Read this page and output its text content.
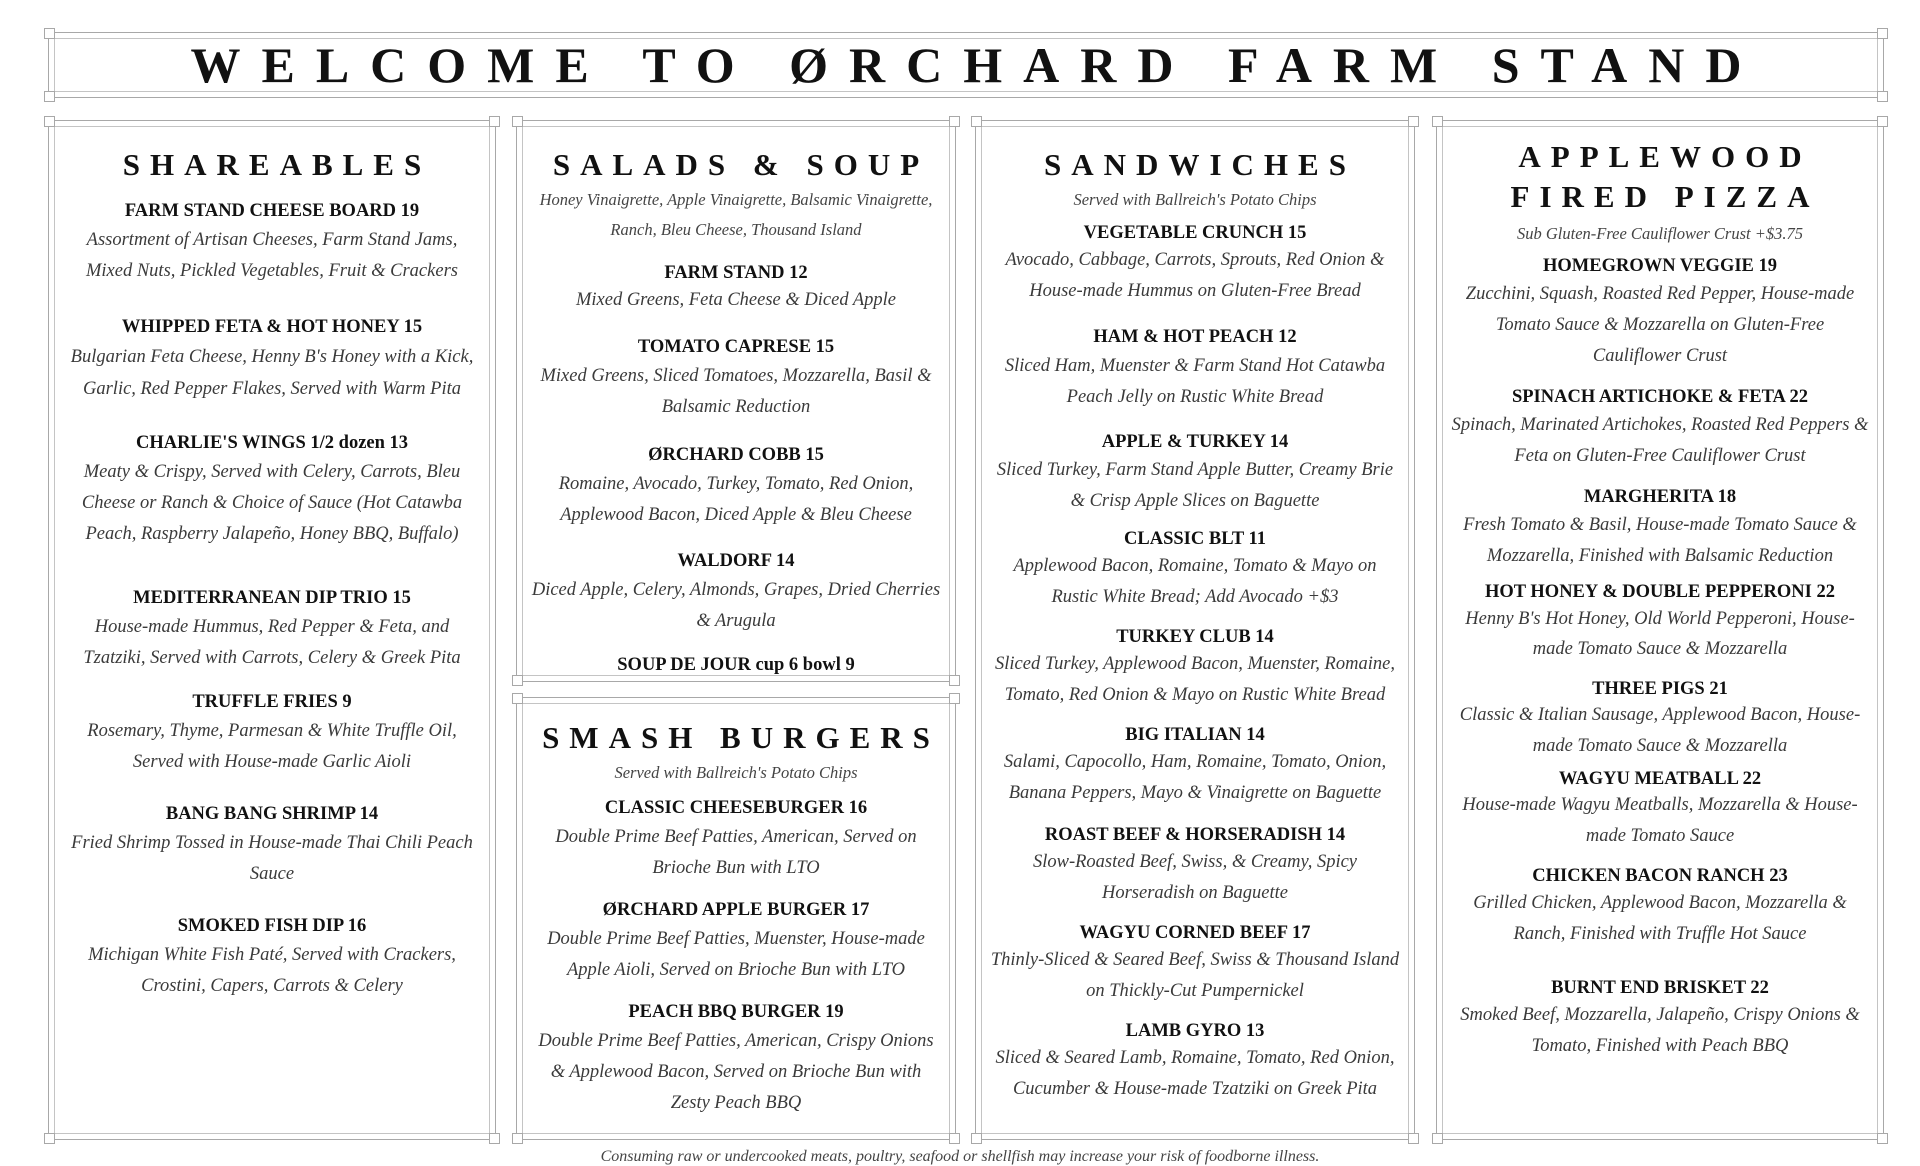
WELCOME TO ØRCHARD FARM STAND
SHAREABLES
FARM STAND CHEESE BOARD 19
Assortment of Artisan Cheeses, Farm Stand Jams, Mixed Nuts, Pickled Vegetables, Fruit & Crackers
WHIPPED FETA & HOT HONEY 15
Bulgarian Feta Cheese, Henny B's Honey with a Kick, Garlic, Red Pepper Flakes, Served with Warm Pita
CHARLIE'S WINGS 1/2 dozen 13
Meaty & Crispy, Served with Celery, Carrots, Bleu Cheese or Ranch & Choice of Sauce (Hot Catawba Peach, Raspberry Jalapeño, Honey BBQ, Buffalo)
MEDITERRANEAN DIP TRIO 15
House-made Hummus, Red Pepper & Feta, and Tzatziki, Served with Carrots, Celery & Greek Pita
TRUFFLE FRIES 9
Rosemary, Thyme, Parmesan & White Truffle Oil, Served with House-made Garlic Aioli
BANG BANG SHRIMP 14
Fried Shrimp Tossed in House-made Thai Chili Peach Sauce
SMOKED FISH DIP 16
Michigan White Fish Paté, Served with Crackers, Crostini, Capers, Carrots & Celery
SALADS & SOUP
Honey Vinaigrette, Apple Vinaigrette, Balsamic Vinaigrette, Ranch, Bleu Cheese, Thousand Island
FARM STAND 12
Mixed Greens, Feta Cheese & Diced Apple
TOMATO CAPRESE 15
Mixed Greens, Sliced Tomatoes, Mozzarella, Basil & Balsamic Reduction
ØRCHARD COBB 15
Romaine, Avocado, Turkey, Tomato, Red Onion, Applewood Bacon, Diced Apple & Bleu Cheese
WALDORF 14
Diced Apple, Celery, Almonds, Grapes, Dried Cherries & Arugula
SOUP DE JOUR cup 6 bowl 9
SMASH BURGERS
Served with Ballreich's Potato Chips
CLASSIC CHEESEBURGER 16
Double Prime Beef Patties, American, Served on Brioche Bun with LTO
ØRCHARD APPLE BURGER 17
Double Prime Beef Patties, Muenster, House-made Apple Aioli, Served on Brioche Bun with LTO
PEACH BBQ BURGER 19
Double Prime Beef Patties, American, Crispy Onions & Applewood Bacon, Served on Brioche Bun with Zesty Peach BBQ
SANDWICHES
Served with Ballreich's Potato Chips
VEGETABLE CRUNCH 15
Avocado, Cabbage, Carrots, Sprouts, Red Onion & House-made Hummus on Gluten-Free Bread
HAM & HOT PEACH 12
Sliced Ham, Muenster & Farm Stand Hot Catawba Peach Jelly on Rustic White Bread
APPLE & TURKEY 14
Sliced Turkey, Farm Stand Apple Butter, Creamy Brie & Crisp Apple Slices on Baguette
CLASSIC BLT 11
Applewood Bacon, Romaine, Tomato & Mayo on Rustic White Bread; Add Avocado +$3
TURKEY CLUB 14
Sliced Turkey, Applewood Bacon, Muenster, Romaine, Tomato, Red Onion & Mayo on Rustic White Bread
BIG ITALIAN 14
Salami, Capocollo, Ham, Romaine, Tomato, Onion, Banana Peppers, Mayo & Vinaigrette on Baguette
ROAST BEEF & HORSERADISH 14
Slow-Roasted Beef, Swiss, & Creamy, Spicy Horseradish on Baguette
WAGYU CORNED BEEF 17
Thinly-Sliced & Seared Beef, Swiss & Thousand Island on Thickly-Cut Pumpernickel
LAMB GYRO 13
Sliced & Seared Lamb, Romaine, Tomato, Red Onion, Cucumber & House-made Tzatziki on Greek Pita
APPLEWOOD
FIRED PIZZA
Sub Gluten-Free Cauliflower Crust +$3.75
HOMEGROWN VEGGIE 19
Zucchini, Squash, Roasted Red Pepper, House-made Tomato Sauce & Mozzarella on Gluten-Free Cauliflower Crust
SPINACH ARTICHOKE & FETA 22
Spinach, Marinated Artichokes, Roasted Red Peppers & Feta on Gluten-Free Cauliflower Crust
MARGHERITA 18
Fresh Tomato & Basil, House-made Tomato Sauce & Mozzarella, Finished with Balsamic Reduction
HOT HONEY & DOUBLE PEPPERONI 22
Henny B's Hot Honey, Old World Pepperoni, House-made Tomato Sauce & Mozzarella
THREE PIGS 21
Classic & Italian Sausage, Applewood Bacon, House-made Tomato Sauce & Mozzarella
WAGYU MEATBALL 22
House-made Wagyu Meatballs, Mozzarella & House-made Tomato Sauce
CHICKEN BACON RANCH 23
Grilled Chicken, Applewood Bacon, Mozzarella & Ranch, Finished with Truffle Hot Sauce
BURNT END BRISKET 22
Smoked Beef, Mozzarella, Jalapeño, Crispy Onions & Tomato, Finished with Peach BBQ
Consuming raw or undercooked meats, poultry, seafood or shellfish may increase your risk of foodborne illness.
